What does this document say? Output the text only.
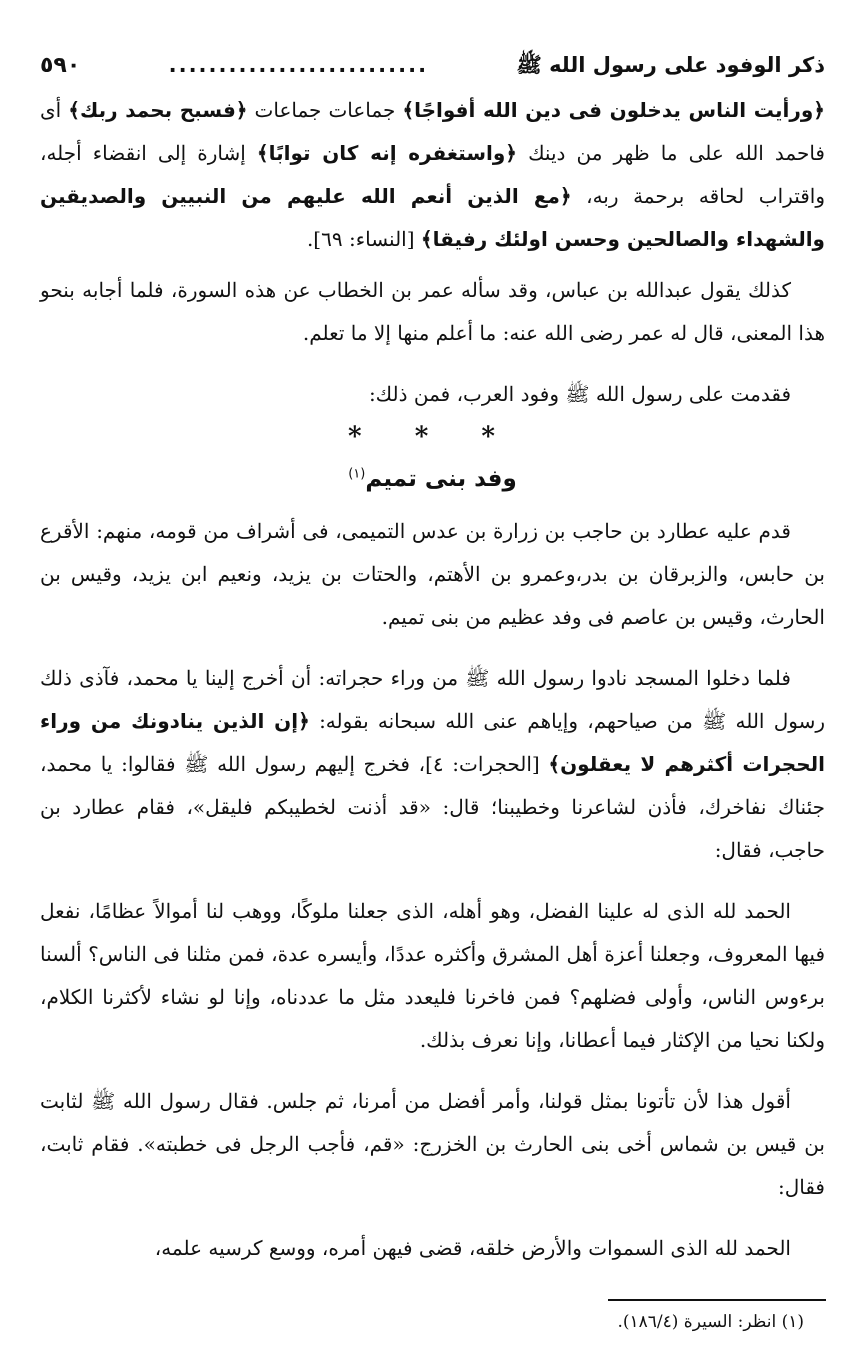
ذكر الوفود على رسول الله ﷺ
..........................
٥٩٠

﴿ورأيت الناس يدخلون فى دين الله أفواجًا﴾ جماعات جماعات ﴿فسبح بحمد ربك﴾ أى فاحمد الله على ما ظهر من دينك ﴿واستغفره إنه كان توابًا﴾ إشارة إلى انقضاء أجله، واقتراب لحاقه برحمة ربه، ﴿مع الذين أنعم الله عليهم من النبيين والصديقين والشهداء والصالحين وحسن اولئك رفيقا﴾ [النساء: ٦٩].

كذلك يقول عبدالله بن عباس، وقد سأله عمر بن الخطاب عن هذه السورة، فلما أجابه بنحو هذا المعنى، قال له عمر رضى الله عنه: ما أعلم منها إلا ما تعلم.

فقدمت على رسول الله ﷺ وفود العرب، فمن ذلك:

* * *
وفد بنى تميم$^{(١)}$

قدم عليه عطارد بن حاجب بن زرارة بن عدس التميمى، فى أشراف من قومه، منهم: الأقرع بن حابس، والزبرقان بن بدر،وعمرو بن الأهتم، والحتات بن يزيد، ونعيم ابن يزيد، وقيس بن الحارث، وقيس بن عاصم فى وفد عظيم من بنى تميم.

فلما دخلوا المسجد نادوا رسول الله ﷺ من وراء حجراته: أن أخرج إلينا يا محمد، فآذى ذلك رسول الله ﷺ من صياحهم، وإياهم عنى الله سبحانه بقوله: ﴿إن الذين ينادونك من وراء الحجرات أكثرهم لا يعقلون﴾ [الحجرات: ٤]، فخرج إليهم رسول الله ﷺ فقالوا: يا محمد، جئناك نفاخرك، فأذن لشاعرنا وخطيبنا؛ قال: «قد أذنت لخطيبكم فليقل»، فقام عطارد بن حاجب، فقال:

الحمد لله الذى له علينا الفضل، وهو أهله، الذى جعلنا ملوكًا، ووهب لنا أموالاً عظامًا، نفعل فيها المعروف، وجعلنا أعزة أهل المشرق وأكثره عددًا، وأيسره عدة، فمن مثلنا فى الناس؟ ألسنا برءوس الناس، وأولى فضلهم؟ فمن فاخرنا فليعدد مثل ما عددناه، وإنا لو نشاء لأكثرنا الكلام، ولكنا نحيا من الإكثار فيما أعطانا، وإنا نعرف بذلك.

أقول هذا لأن تأتونا بمثل قولنا، وأمر أفضل من أمرنا، ثم جلس. فقال رسول الله ﷺ لثابت بن قيس بن شماس أخى بنى الحارث بن الخزرج: «قم، فأجب الرجل فى خطبته». فقام ثابت، فقال:

الحمد لله الذى السموات والأرض خلقه، قضى فيهن أمره، ووسع كرسيه علمه،

(١) انظر: السيرة (١٨٦/٤).
